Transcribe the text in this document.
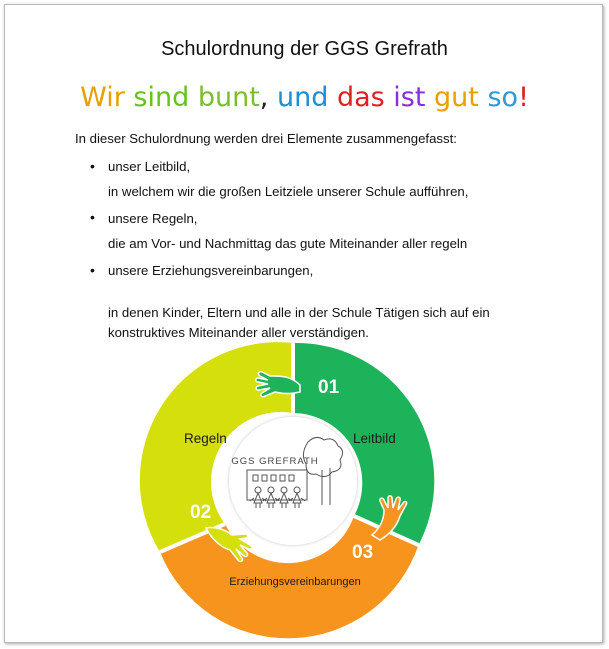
Schulordnung der GGS Grefrath
Wir sind bunt, und das ist gut so!
In dieser Schulordnung werden drei Elemente zusammengefasst:
• unser Leitbild,
in welchem wir die großen Leitziele unserer Schule aufführen,
• unsere Regeln,
die am Vor- und Nachmittag das gute Miteinander aller regeln
• unsere Erziehungsvereinbarungen,
in denen Kinder, Eltern und alle in der Schule Tätigen sich auf ein konstruktives Miteinander aller verständigen.
GGS GREFRATH
01
Leitbild
02
Regeln
03
Erziehungsvereinbarungen
